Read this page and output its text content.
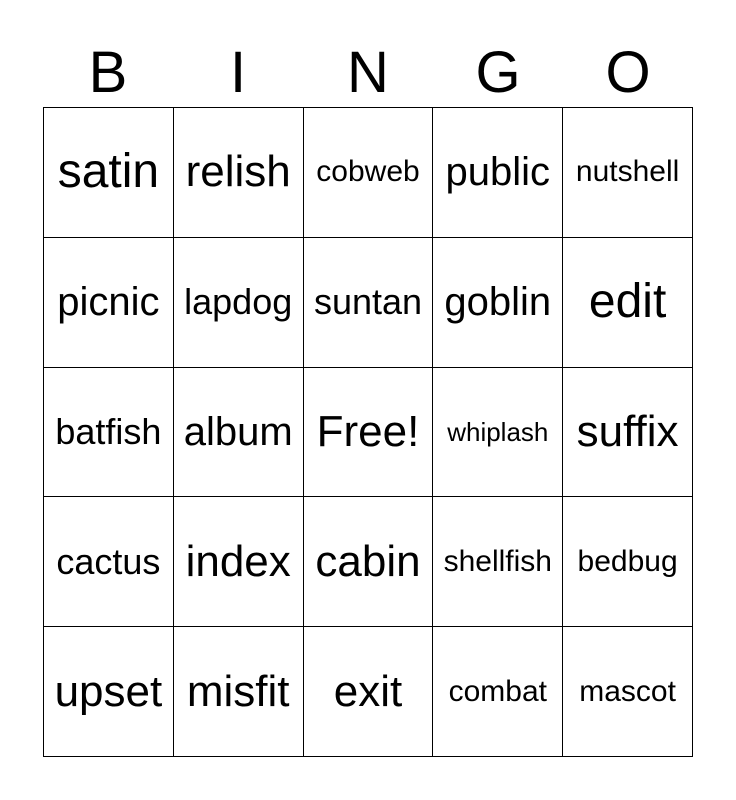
B	I	N	G	O
satin relish cobweb public nutshell
picnic lapdog suntan goblin edit
batfish album Free!	whiplash suffix
cactus index cabin shellfish bedbug
upset misfit	exit	combat	mascot
